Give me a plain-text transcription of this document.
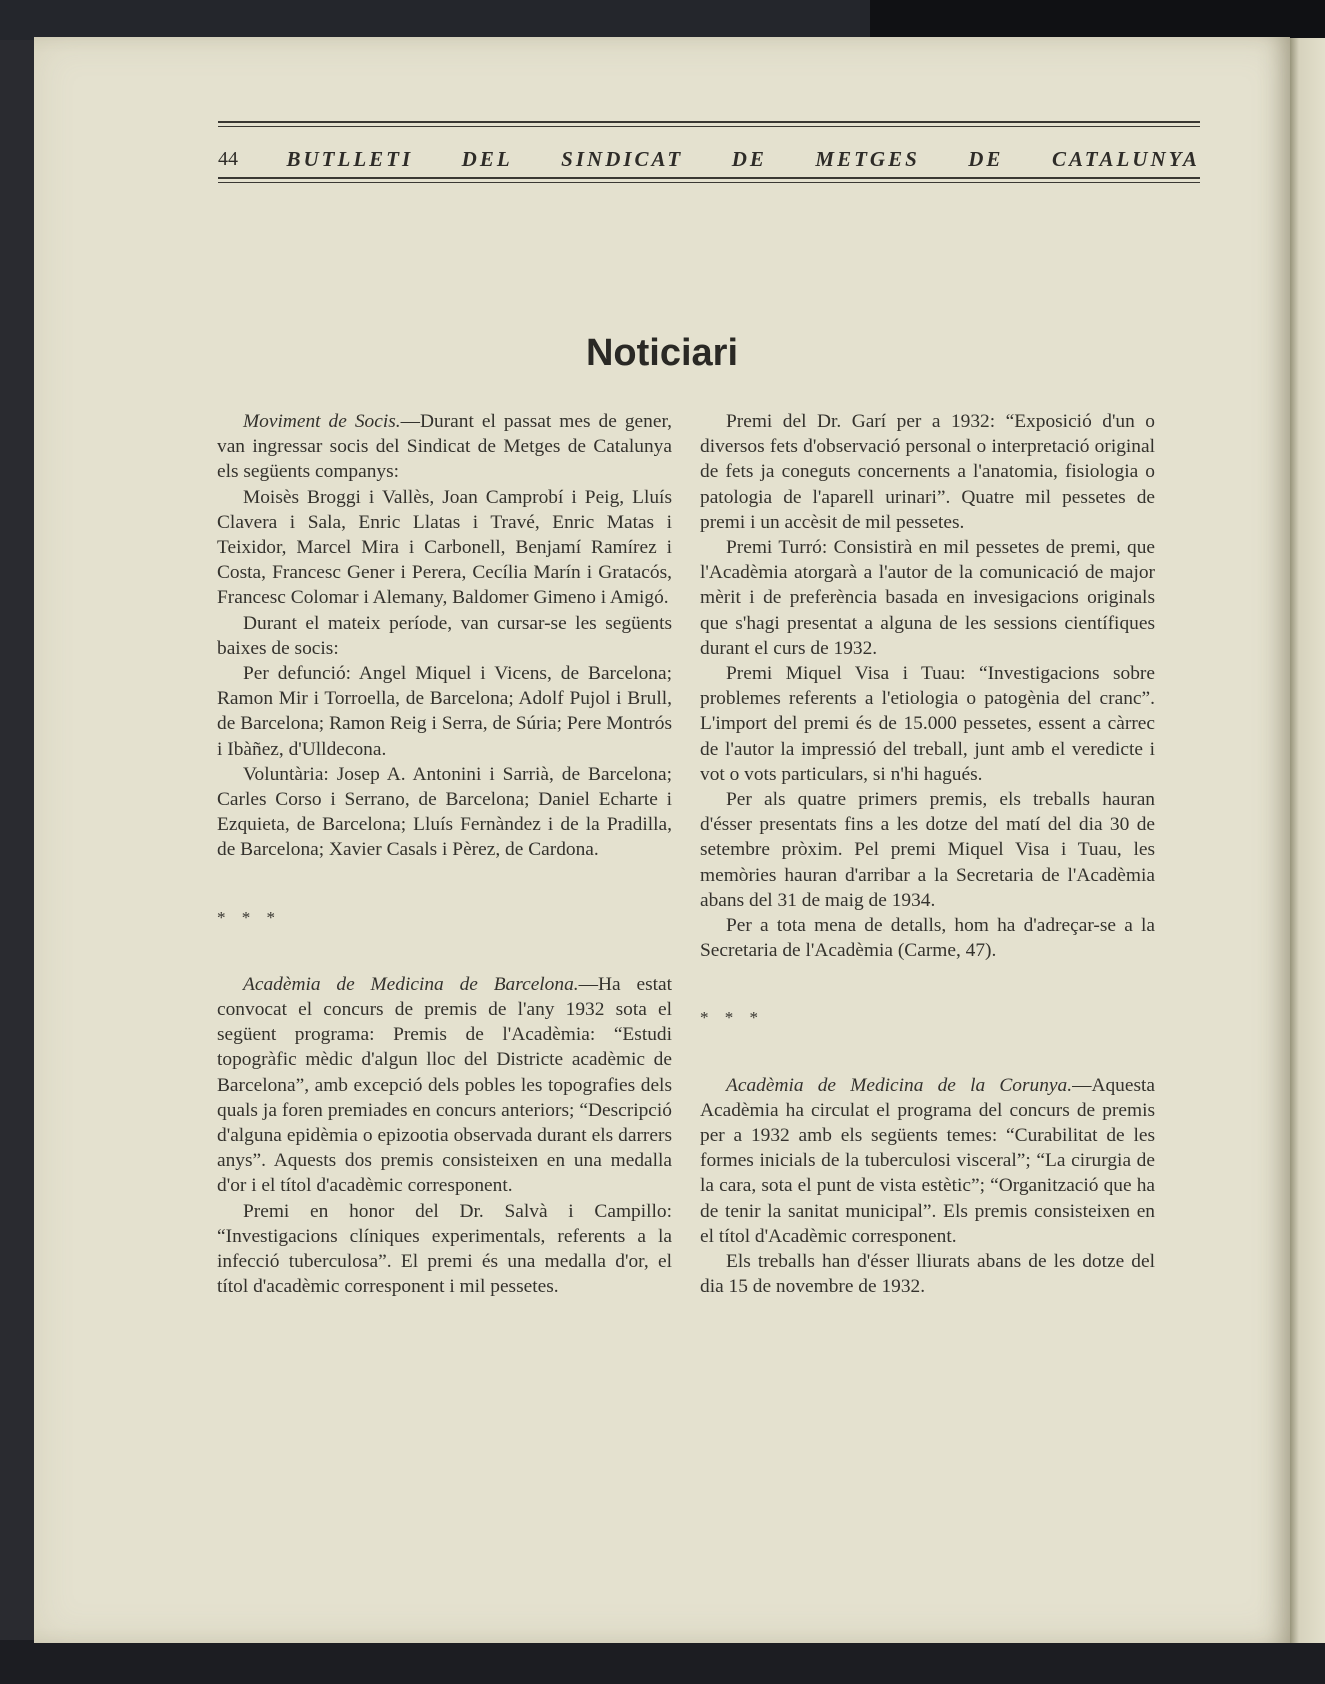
44 BUTLLETI DEL SINDICAT DE METGES DE CATALUNYA
Noticiari

Moviment de Socis.—Durant el passat mes de gener, van ingressar socis del Sindicat de Metges de Catalunya els següents companys:

Moisès Broggi i Vallès, Joan Camprobí i Peig, Lluís Clavera i Sala, Enric Llatas i Travé, Enric Matas i Teixidor, Marcel Mira i Carbonell, Benjamí Ramírez i Costa, Francesc Gener i Perera, Cecília Marín i Gratacós, Francesc Colomar i Alemany, Baldomer Gimeno i Amigó.

Durant el mateix període, van cursar-se les següents baixes de socis:

Per defunció: Angel Miquel i Vicens, de Barcelona; Ramon Mir i Torroella, de Barcelona; Adolf Pujol i Brull, de Barcelona; Ramon Reig i Serra, de Súria; Pere Montrós i Ibàñez, d'Ulldecona.

Voluntària: Josep A. Antonini i Sarrià, de Barcelona; Carles Corso i Serrano, de Barcelona; Daniel Echarte i Ezquieta, de Barcelona; Lluís Fernàndez i de la Pradilla, de Barcelona; Xavier Casals i Pèrez, de Cardona.

* * *

Acadèmia de Medicina de Barcelona.—Ha estat convocat el concurs de premis de l'any 1932 sota el següent programa: Premis de l'Acadèmia: “Estudi topogràfic mèdic d'algun lloc del Districte acadèmic de Barcelona”, amb excepció dels pobles les topografies dels quals ja foren premiades en concurs anteriors; “Descripció d'alguna epidèmia o epizootia observada durant els darrers anys”. Aquests dos premis consisteixen en una medalla d'or i el títol d'acadèmic corresponent.

Premi en honor del Dr. Salvà i Campillo: “Investigacions clíniques experimentals, referents a la infecció tuberculosa”. El premi és una medalla d'or, el títol d'acadèmic corresponent i mil pessetes.

Premi del Dr. Garí per a 1932: “Exposició d'un o diversos fets d'observació personal o interpretació original de fets ja coneguts concernents a l'anatomia, fisiologia o patologia de l'aparell urinari”. Quatre mil pessetes de premi i un accèsit de mil pessetes.

Premi Turró: Consistirà en mil pessetes de premi, que l'Acadèmia atorgarà a l'autor de la comunicació de major mèrit i de preferència basada en invesigacions originals que s'hagi presentat a alguna de les sessions científiques durant el curs de 1932.

Premi Miquel Visa i Tuau: “Investigacions sobre problemes referents a l'etiologia o patogènia del cranc”. L'import del premi és de 15.000 pessetes, essent a càrrec de l'autor la impressió del treball, junt amb el veredicte i vot o vots particulars, si n'hi hagués.

Per als quatre primers premis, els treballs hauran d'ésser presentats fins a les dotze del matí del dia 30 de setembre pròxim. Pel premi Miquel Visa i Tuau, les memòries hauran d'arribar a la Secretaria de l'Acadèmia abans del 31 de maig de 1934.

Per a tota mena de detalls, hom ha d'adreçar-se a la Secretaria de l'Acadèmia (Carme, 47).

* * *

Acadèmia de Medicina de la Corunya.—Aquesta Acadèmia ha circulat el programa del concurs de premis per a 1932 amb els següents temes: “Curabilitat de les formes inicials de la tuberculosi visceral”; “La cirurgia de la cara, sota el punt de vista estètic”; “Organització que ha de tenir la sanitat municipal”. Els premis consisteixen en el títol d'Acadèmic corresponent.

Els treballs han d'ésser lliurats abans de les dotze del dia 15 de novembre de 1932.
